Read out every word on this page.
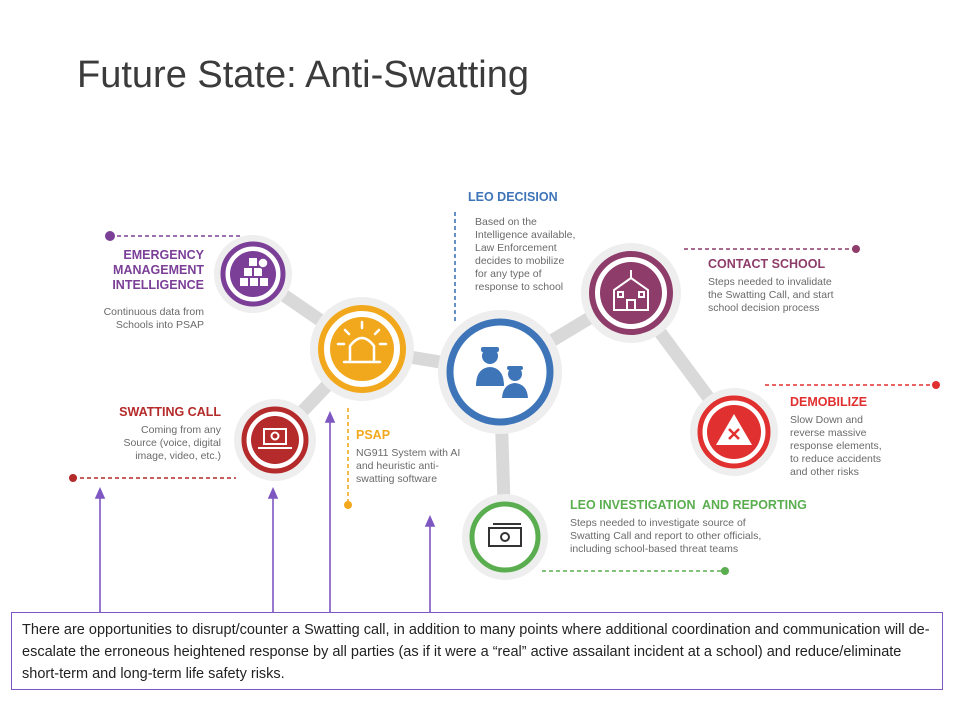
Future State: Anti-Swatting
EMERGENCY
MANAGEMENT
INTELLIGENCE
Continuous data from
Schools into PSAP
SWATTING CALL
Coming from any
Source (voice, digital
image, video, etc.)
PSAP
NG911 System with AI
and heuristic anti-
swatting software
LEO DECISION
Based on the
Intelligence available,
Law Enforcement
decides to mobilize
for any type of
response to school
CONTACT SCHOOL
Steps needed to invalidate
the Swatting Call, and start
school decision process
DEMOBILIZE
Slow Down and
reverse massive
response elements,
to reduce accidents
and other risks
LEO INVESTIGATION  AND REPORTING
Steps needed to investigate source of
Swatting Call and report to other officials,
including school-based threat teams
There are opportunities to disrupt/counter a Swatting call, in addition to many points where additional coordination and communication will de-escalate the erroneous heightened response by all parties (as if it were a “real” active assailant incident at a school) and reduce/eliminate short-term and long-term life safety risks.
